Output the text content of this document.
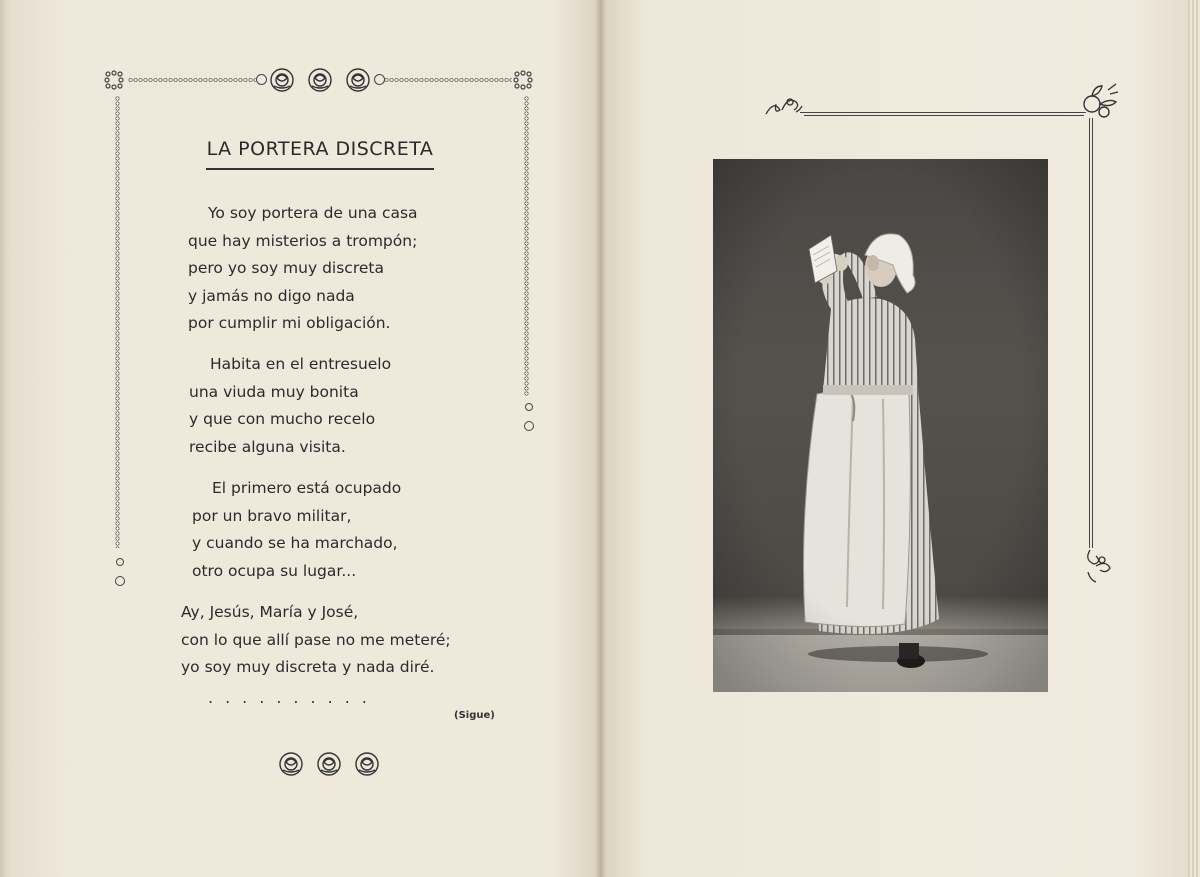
LA PORTERA DISCRETA
Yo soy portera de una casa
que hay misterios a trompón;
pero yo soy muy discreta
y jamás no digo nada
por cumplir mi obligación.
Habita en el entresuelo
una viuda muy bonita
y que con mucho recelo
recibe alguna visita.
El primero está ocupado
por un bravo militar,
y cuando se ha marchado,
otro ocupa su lugar...
Ay, Jesús, María y José,
con lo que allí pase no me meteré;
yo soy muy discreta y nada diré.
..........
(Sigue)
